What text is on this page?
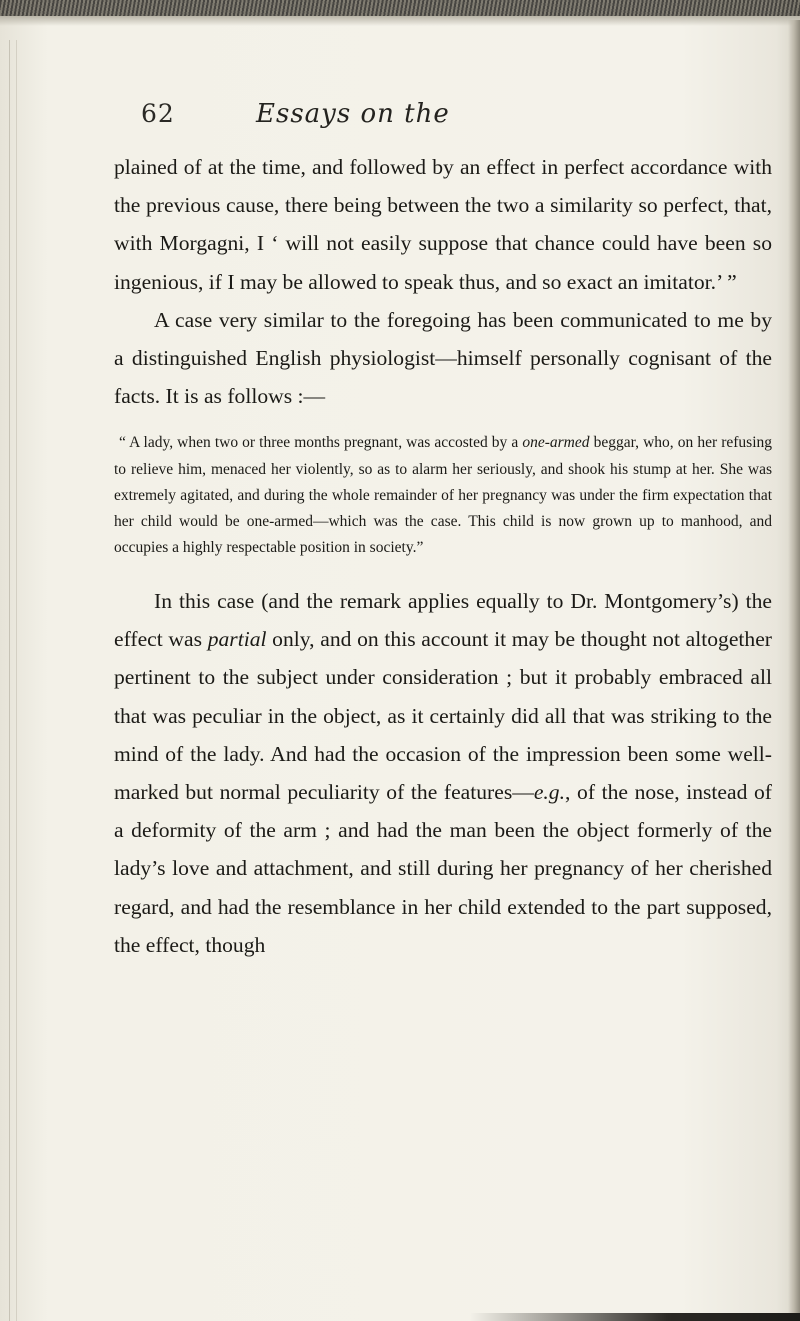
62	Essays on the

plained of at the time, and followed by an effect in perfect accordance with the previous cause, there being between the two a similarity so perfect, that, with Morgagni, I ‘ will not easily suppose that chance could have been so ingenious, if I may be allowed to speak thus, and so exact an imitator.’ ”

A case very similar to the foregoing has been communicated to me by a distinguished English physiologist—himself personally cognisant of the facts. It is as follows :—

“ A lady, when two or three months pregnant, was accosted by a one-armed beggar, who, on her refusing to relieve him, menaced her violently, so as to alarm her seriously, and shook his stump at her. She was extremely agitated, and during the whole remainder of her pregnancy was under the firm expectation that her child would be one-armed—which was the case. This child is now grown up to manhood, and occupies a highly respectable position in society.”

In this case (and the remark applies equally to Dr. Montgomery’s) the effect was partial only, and on this account it may be thought not altogether pertinent to the subject under consideration ; but it probably embraced all that was peculiar in the object, as it certainly did all that was striking to the mind of the lady. And had the occasion of the impression been some well-marked but normal peculiarity of the features—e.g., of the nose, instead of a deformity of the arm ; and had the man been the object formerly of the lady’s love and attachment, and still during her pregnancy of her cherished regard, and had the resemblance in her child extended to the part supposed, the effect, though
